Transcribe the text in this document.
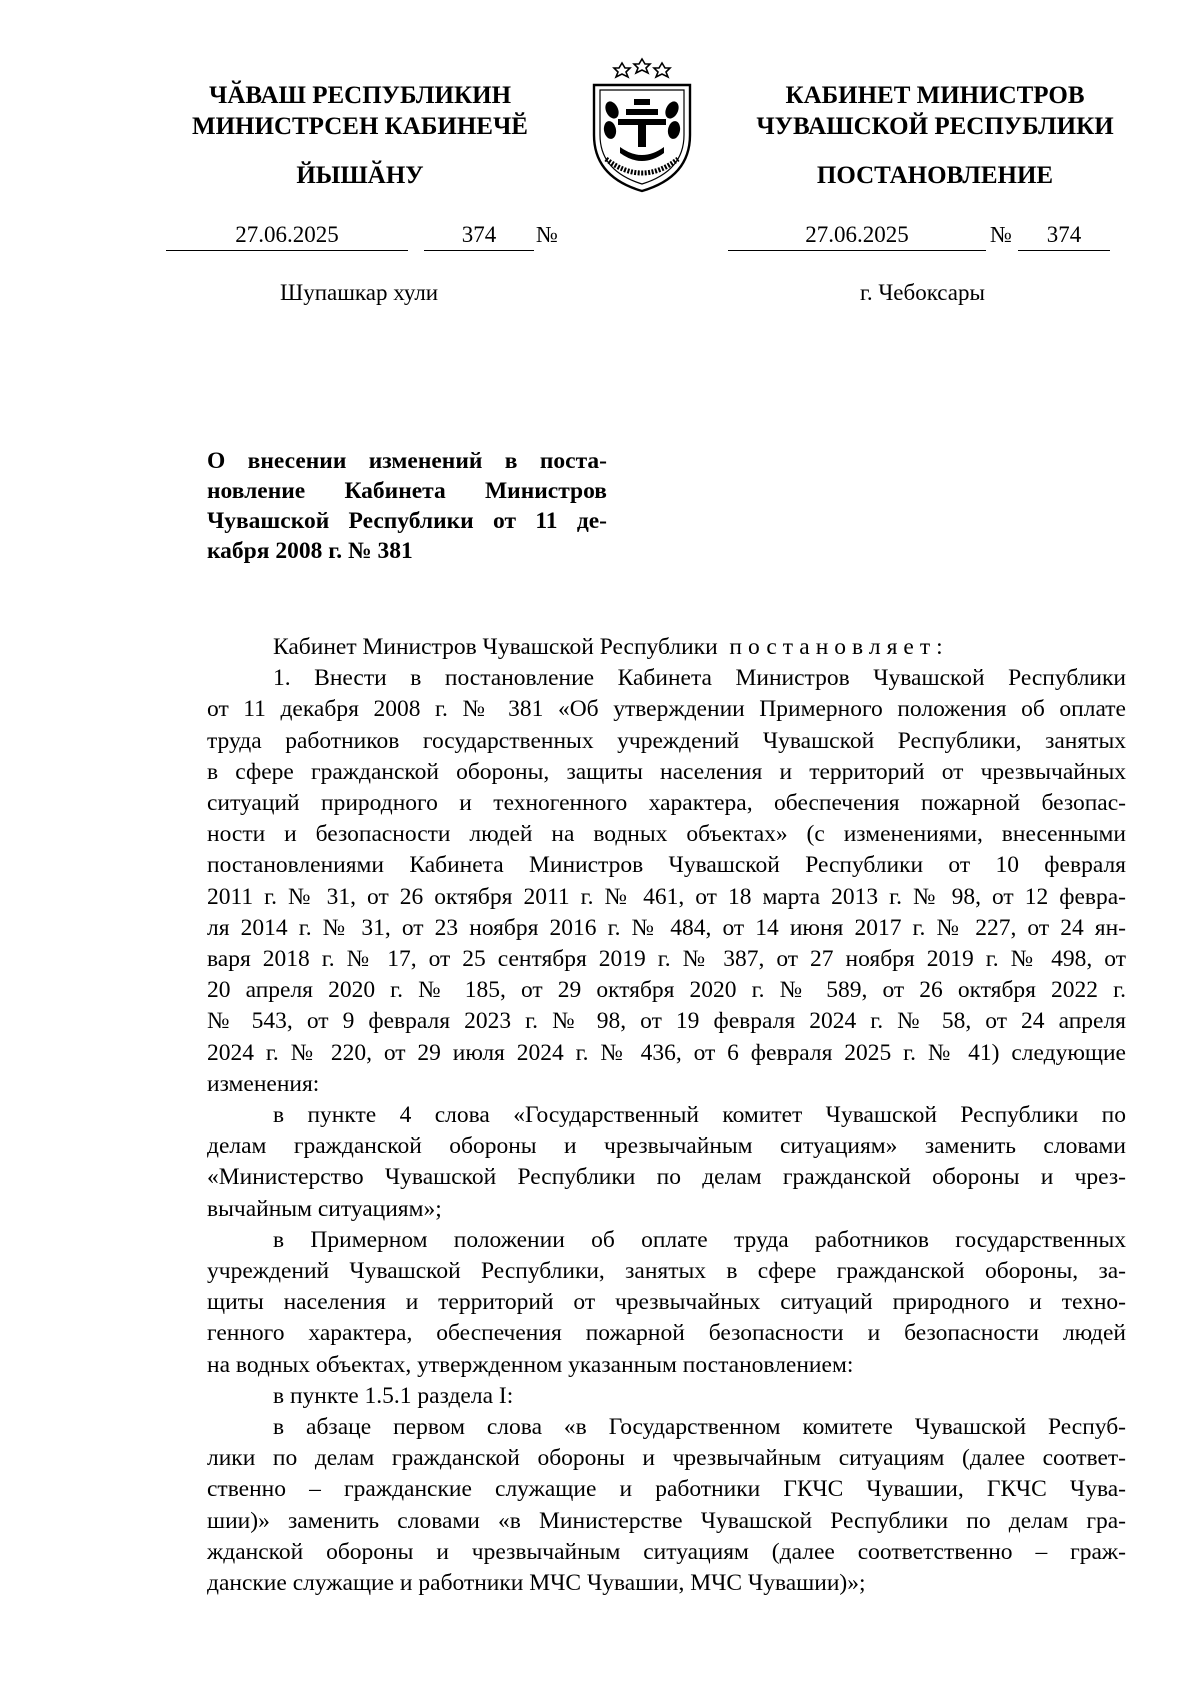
ЧӐВАШ РЕСПУБЛИКИН
МИНИСТРСЕН КАБИНЕЧӖ
ЙЫШӐНУ
КАБИНЕТ МИНИСТРОВ
ЧУВАШСКОЙ РЕСПУБЛИКИ
ПОСТАНОВЛЕНИЕ
27.06.2025	374	№	27.06.2025	№	374
Шупашкар хули	г. Чебоксары
О внесении изменений в поста-
новление Кабинета Министров
Чувашской Республики от 11 де-
кабря 2008 г. № 381
Кабинет Министров Чувашской Республики постановляет:
1. Внести в постановление Кабинета Министров Чувашской Республики
от 11 декабря 2008 г. № 381 «Об утверждении Примерного положения об оплате
труда работников государственных учреждений Чувашской Республики, занятых
в сфере гражданской обороны, защиты населения и территорий от чрезвычайных
ситуаций природного и техногенного характера, обеспечения пожарной безопас-
ности и безопасности людей на водных объектах» (с изменениями, внесенными
постановлениями Кабинета Министров Чувашской Республики от 10 февраля
2011 г. № 31, от 26 октября 2011 г. № 461, от 18 марта 2013 г. № 98, от 12 февра-
ля 2014 г. № 31, от 23 ноября 2016 г. № 484, от 14 июня 2017 г. № 227, от 24 ян-
варя 2018 г. № 17, от 25 сентября 2019 г. № 387, от 27 ноября 2019 г. № 498, от
20 апреля 2020 г. № 185, от 29 октября 2020 г. № 589, от 26 октября 2022 г.
№ 543, от 9 февраля 2023 г. № 98, от 19 февраля 2024 г. № 58, от 24 апреля
2024 г. № 220, от 29 июля 2024 г. № 436, от 6 февраля 2025 г. № 41) следующие
изменения:
в пункте 4 слова «Государственный комитет Чувашской Республики по
делам гражданской обороны и чрезвычайным ситуациям» заменить словами
«Министерство Чувашской Республики по делам гражданской обороны и чрез-
вычайным ситуациям»;
в Примерном положении об оплате труда работников государственных
учреждений Чувашской Республики, занятых в сфере гражданской обороны, за-
щиты населения и территорий от чрезвычайных ситуаций природного и техно-
генного характера, обеспечения пожарной безопасности и безопасности людей
на водных объектах, утвержденном указанным постановлением:
в пункте 1.5.1 раздела I:
в абзаце первом слова «в Государственном комитете Чувашской Респуб-
лики по делам гражданской обороны и чрезвычайным ситуациям (далее соответ-
ственно – гражданские служащие и работники ГКЧС Чувашии, ГКЧС Чува-
шии)» заменить словами «в Министерстве Чувашской Республики по делам гра-
жданской обороны и чрезвычайным ситуациям (далее соответственно – граж-
данские служащие и работники МЧС Чувашии, МЧС Чувашии)»;
